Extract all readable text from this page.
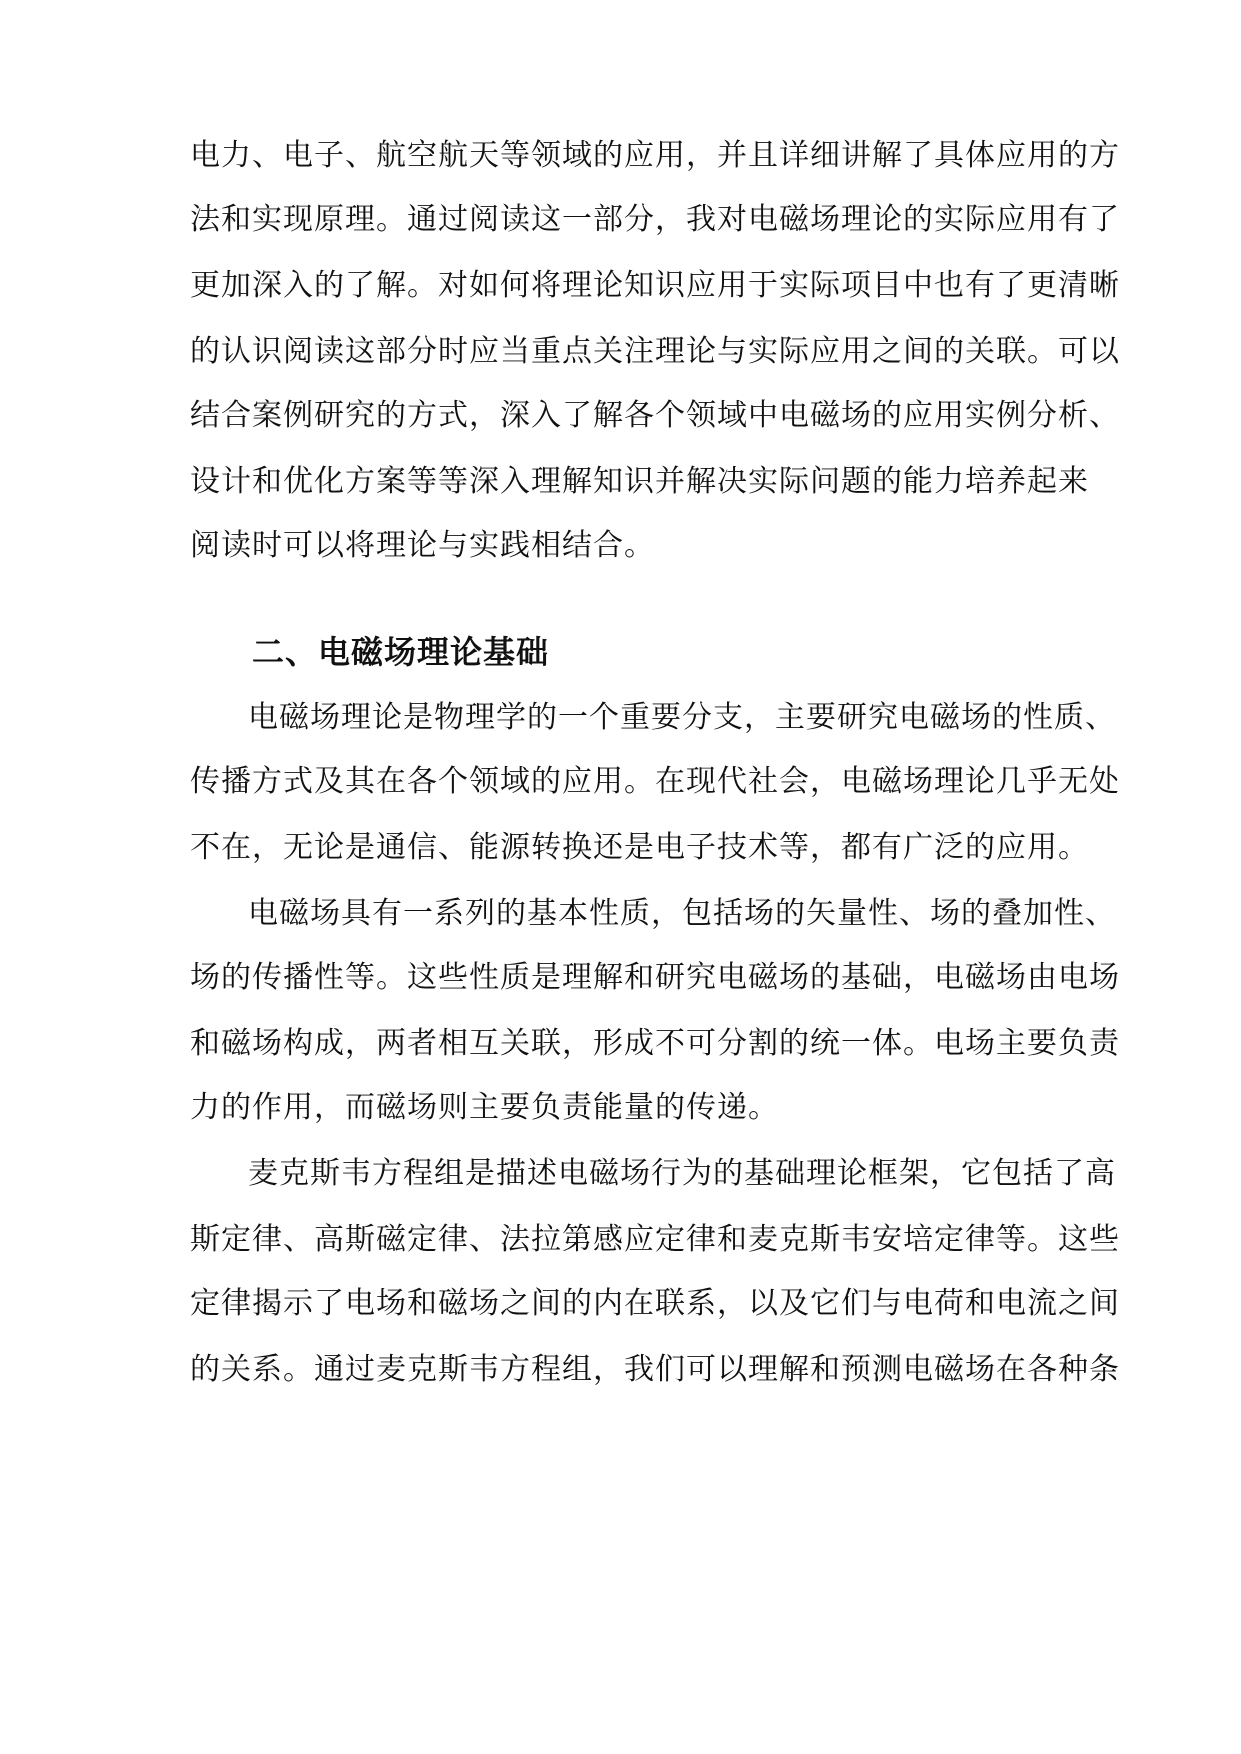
电力、电子、航空航天等领域的应用，并且详细讲解了具体应用的方
法和实现原理。通过阅读这一部分，我对电磁场理论的实际应用有了
更加深入的了解。对如何将理论知识应用于实际项目中也有了更清晰
的认识阅读这部分时应当重点关注理论与实际应用之间的关联。可以
结合案例研究的方式，深入了解各个领域中电磁场的应用实例分析、
设计和优化方案等等深入理解知识并解决实际问题的能力培养起来
阅读时可以将理论与实践相结合。
二、电磁场理论基础
电磁场理论是物理学的一个重要分支，主要研究电磁场的性质、
传播方式及其在各个领域的应用。在现代社会，电磁场理论几乎无处
不在，无论是通信、能源转换还是电子技术等，都有广泛的应用。
电磁场具有一系列的基本性质，包括场的矢量性、场的叠加性、
场的传播性等。这些性质是理解和研究电磁场的基础，电磁场由电场
和磁场构成，两者相互关联，形成不可分割的统一体。电场主要负责
力的作用，而磁场则主要负责能量的传递。
麦克斯韦方程组是描述电磁场行为的基础理论框架，它包括了高
斯定律、高斯磁定律、法拉第感应定律和麦克斯韦安培定律等。这些
定律揭示了电场和磁场之间的内在联系，以及它们与电荷和电流之间
的关系。通过麦克斯韦方程组，我们可以理解和预测电磁场在各种条
